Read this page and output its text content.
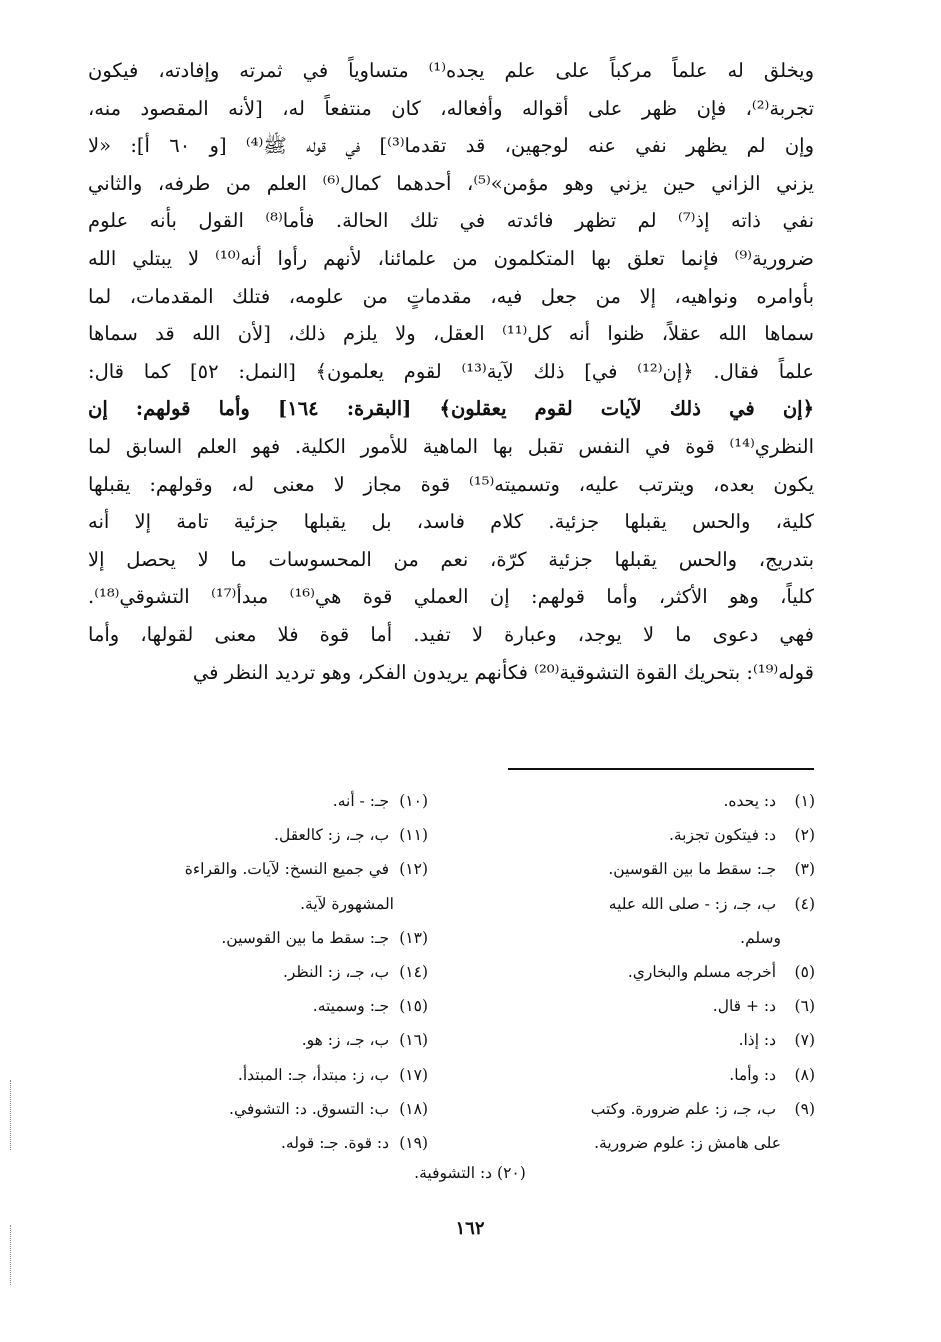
ويخلق له علماً مركباً على علم يجده⁽¹⁾ متساوياً في ثمرته وإفادته، فيكون
تجربة⁽²⁾، فإن ظهر على أقواله وأفعاله، كان منتفعاً له، [لأنه المقصود منه،
وإن لم يظهر نفي عنه لوجهين، قد تقدما⁽³⁾] في قوله ﷺ⁽⁴⁾ [و ٦٠ أ]: «لا
يزني الزاني حين يزني وهو مؤمن»⁽⁵⁾، أحدهما كمال⁽⁶⁾ العلم من طرفه، والثاني
نفي ذاته إذ⁽⁷⁾ لم تظهر فائدته في تلك الحالة. فأما⁽⁸⁾ القول بأنه علوم
ضرورية⁽⁹⁾ فإنما تعلق بها المتكلمون من علمائنا، لأنهم رأوا أنه⁽¹⁰⁾ لا يبتلي الله
بأوامره ونواهيه، إلا من جعل فيه، مقدماتٍ من علومه، فتلك المقدمات، لما
سماها الله عقلاً، ظنوا أنه كل⁽¹¹⁾ العقل، ولا يلزم ذلك، [لأن الله قد سماها
علماً فقال. ﴿إن⁽¹²⁾ في] ذلك لآية⁽¹³⁾ لقوم يعلمون﴾ [النمل: ٥٢] كما قال:
﴿إن في ذلك لآيات لقوم يعقلون﴾ [البقرة: ١٦٤] وأما قولهم: إن
النظري⁽¹⁴⁾ قوة في النفس تقبل بها الماهية للأمور الكلية. فهو العلم السابق لما
يكون بعده، ويترتب عليه، وتسميته⁽¹⁵⁾ قوة مجاز لا معنى له، وقولهم: يقبلها
كلية، والحس يقبلها جزئية. كلام فاسد، بل يقبلها جزئية تامة إلا أنه
بتدريج، والحس يقبلها جزئية كرّة، نعم من المحسوسات ما لا يحصل إلا
كلياً، وهو الأكثر، وأما قولهم: إن العملي قوة هي⁽¹⁶⁾ مبدأ⁽¹⁷⁾ التشوقي⁽¹⁸⁾.
فهي دعوى ما لا يوجد، وعبارة لا تفيد. أما قوة فلا معنى لقولها، وأما
قوله⁽¹⁹⁾: بتحريك القوة التشوقية⁽²⁰⁾ فكأنهم يريدون الفكر، وهو ترديد النظر في
(١) د: يحده.
(٢) د: فيتكون تجزبة.
(٣) جـ: سقط ما بين القوسين.
(٤) ب، جـ، ز: - صلى الله عليه
وسلم.
(٥) أخرجه مسلم والبخاري.
(٦) د: + قال.
(٧) د: إذا.
(٨) د: وأما.
(٩) ب، جـ، ز: علم ضرورة. وكتب
على هامش ز: علوم ضرورية.
(١٠) جـ: - أنه.
(١١) ب، جـ، ز: كالعقل.
(١٢) في جميع النسخ: لآيات. والقراءة
المشهورة لآية.
(١٣) جـ: سقط ما بين القوسين.
(١٤) ب، جـ، ز: النظر.
(١٥) جـ: وسميته.
(١٦) ب، جـ، ز: هو.
(١٧) ب، ز: مبتدأ، جـ: المبتدأ.
(١٨) ب: التسوق. د: التشوفي.
(١٩) د: قوة. جـ: قوله.
(٢٠) د: التشوفية.
١٦٢
